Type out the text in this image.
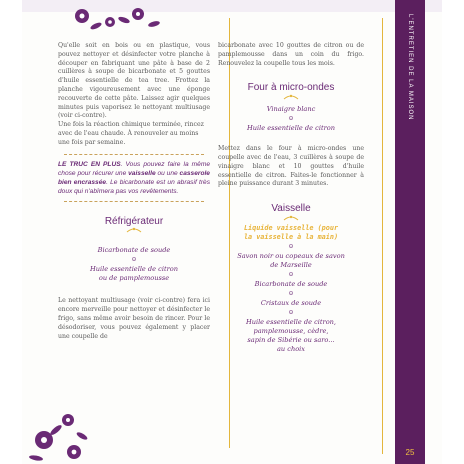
L'ENTRETIEN DE LA MAISON
25

Qu'elle soit en bois ou en plastique, vous pouvez nettoyer et désinfecter votre planche à découper en fabriquant une pâte à base de 2 cuillères à soupe de bicarbonate et 5 gouttes d'huile essentielle de tea tree. Frottez la planche vigoureusement avec une éponge recouverte de cette pâte. Laissez agir quelques minutes puis vaporisez le nettoyant multiusage (voir ci-contre).

Une fois la réaction chimique terminée, rincez avec de l'eau chaude. À renouveler au moins une fois par semaine.

LE TRUC EN PLUS. Vous pouvez faire la même chose pour récurer une vaisselle ou une casserole bien encrassée. Le bicarbonate est un abrasif très doux qui n'abîmera pas vos revêtements.
Réfrigérateur
Bicarbonate de soude
⊙
Huile essentielle de citron
ou de pamplemousse

Le nettoyant multiusage (voir ci-contre) fera ici encore merveille pour nettoyer et désinfecter le frigo, sans même avoir besoin de rincer. Pour le désodoriser, vous pouvez également y placer une coupelle de

bicarbonate avec 10 gouttes de citron ou de pamplemousse dans un coin du frigo. Renouvelez la coupelle tous les mois.

Four à micro-ondes
Vinaigre blanc
⊙
Huile essentielle de citron

Mettez dans le four à micro-ondes une coupelle avec de l'eau, 3 cuillères à soupe de vinaigre blanc et 10 gouttes d'huile essentielle de citron. Faites-le fonctionner à pleine puissance durant 3 minutes.

Vaisselle
Liquide vaisselle (pour
la vaisselle à la main)
⊙
Savon noir ou copeaux de savon
de Marseille
⊙
Bicarbonate de soude
⊙
Cristaux de soude
⊙
Huile essentielle de citron,
pamplemousse, cèdre,
sapin de Sibérie ou saro...
au choix
